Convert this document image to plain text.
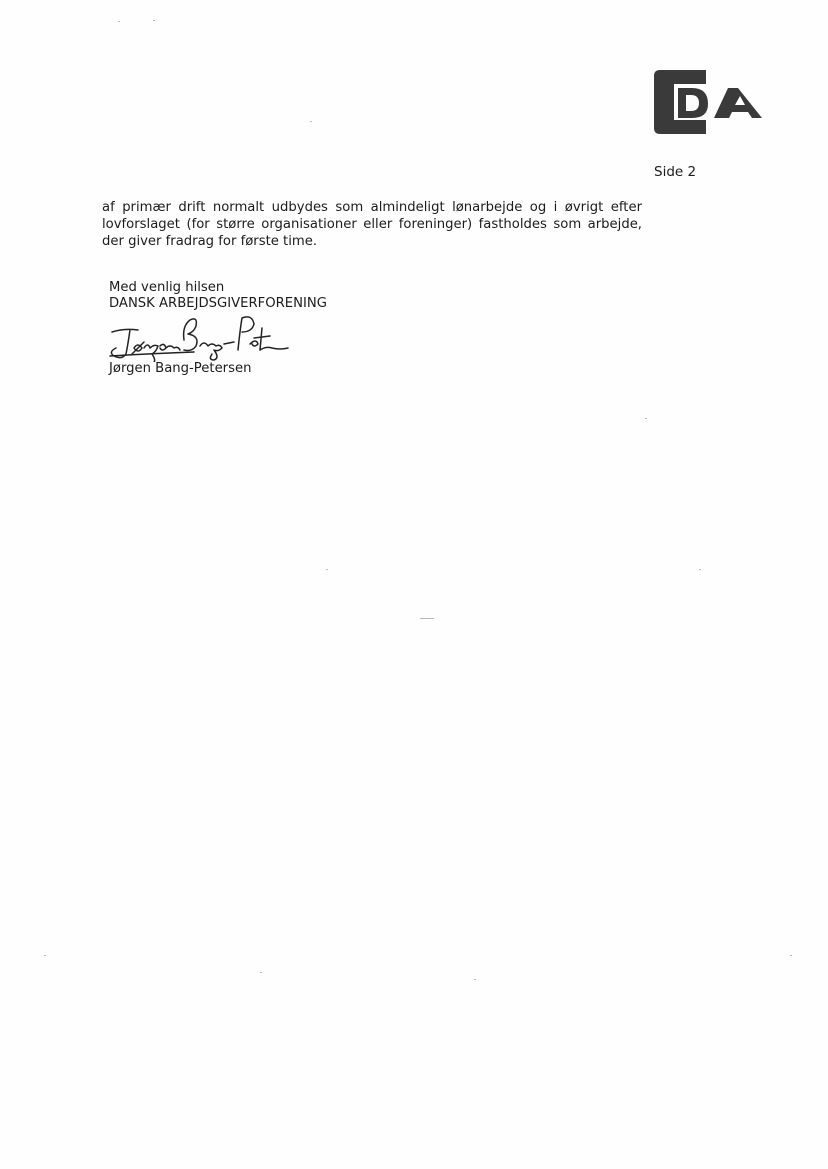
Side 2

af primær drift normalt udbydes som almindeligt lønarbejde og i øvrigt efter lovforslaget (for større organisationer eller foreninger) fastholdes som arbejde, der giver fradrag for første time.

Med venlig hilsen
DANSK ARBEJDSGIVERFORENING
Jørgen Bang-Petersen
